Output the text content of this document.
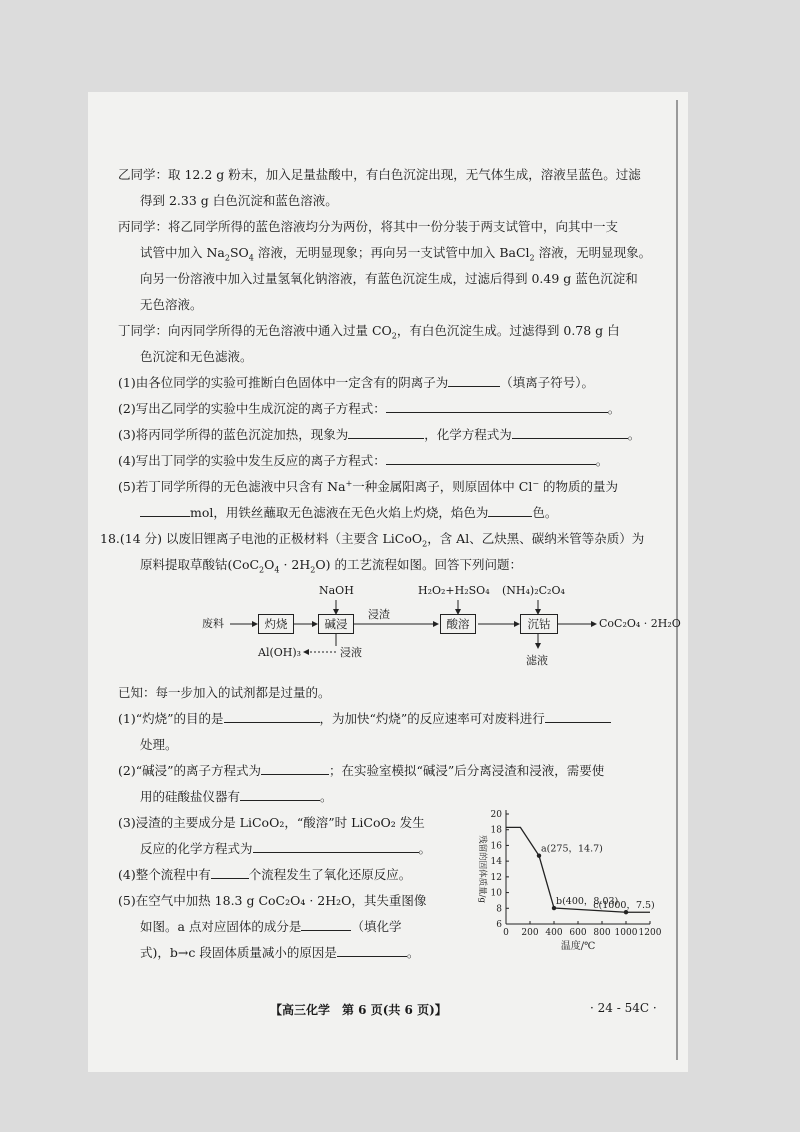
乙同学：取 12.2 g 粉末，加入足量盐酸中，有白色沉淀出现，无气体生成，溶液呈蓝色。过滤
得到 2.33 g 白色沉淀和蓝色溶液。
丙同学：将乙同学所得的蓝色溶液均分为两份，将其中一份分装于两支试管中，向其中一支
试管中加入 $Na_2SO_4$ 溶液，无明显现象；再向另一支试管中加入 BaCl$_2$ 溶液，无明显现象。
向另一份溶液中加入过量氢氧化钠溶液，有蓝色沉淀生成，过滤后得到 0.49 g 蓝色沉淀和
无色溶液。
丁同学：向丙同学所得的无色溶液中通入过量 $CO_2$，有白色沉淀生成。过滤得到 0.78 g 白
色沉淀和无色滤液。
(1)由各位同学的实验可推断白色固体中一定含有的阴离子为	（填离子符号）。
(2)写出乙同学的实验中生成沉淀的离子方程式：	。
(3)将丙同学所得的蓝色沉淀加热，现象为	，化学方程式为	。
(4)写出丁同学的实验中发生反应的离子方程式：	。
(5)若丁同学所得的无色滤液中只含有 Na+一种金属阳离子，则原固体中 Cl− 的物质的量为
mol，用铁丝蘸取无色滤液在无色火焰上灼烧，焰色为	色。
18.(14 分) 以废旧锂离子电池的正极材料（主要含 LiCoO$_2$，含 Al、乙炔黑、碳纳米管等杂质）为
原料提取草酸钴$(CoC_2O_4 \cdot 2H_2O)$ 的工艺流程如图。回答下列问题：
废料	灼烧	碱浸
浸渣
酸溶	沉钴	CoC₂O₄ · 2H₂O
NaOH	H₂O₂+H₂SO₄ (NH₄)₂C₂O₄
Al(OH)₃	浸液
滤液
已知：每一步加入的试剂都是过量的。
(1)“灼烧”的目的是	，为加快“灼烧”的反应速率可对废料进行
处理。
(2)“碱浸”的离子方程式为	；在实验室模拟“碱浸”后分离浸渣和浸液，需要使
用的硅酸盐仪器有	。
(3)浸渣的主要成分是 LiCoO₂，“酸溶”时 LiCoO₂ 发生
反应的化学方程式为	。
(4)整个流程中有	个流程发生了氧化还原反应。
(5)在空气中加热 18.3 g CoC₂O₄ · 2H₂O，其失重图像
如图。a 点对应固体的成分是	（填化学
式)，b→c 段固体质量减小的原因是	。
6
8
10
12
14
16
18
20
0 200 400 600 800 1000 1200
a(275，14.7)
b(400，8.03)
c(1000，7.5)
温度/℃
残留的固体质量/g
【高三化学　第 6 页(共 6 页)】	· 24 - 54C ·
